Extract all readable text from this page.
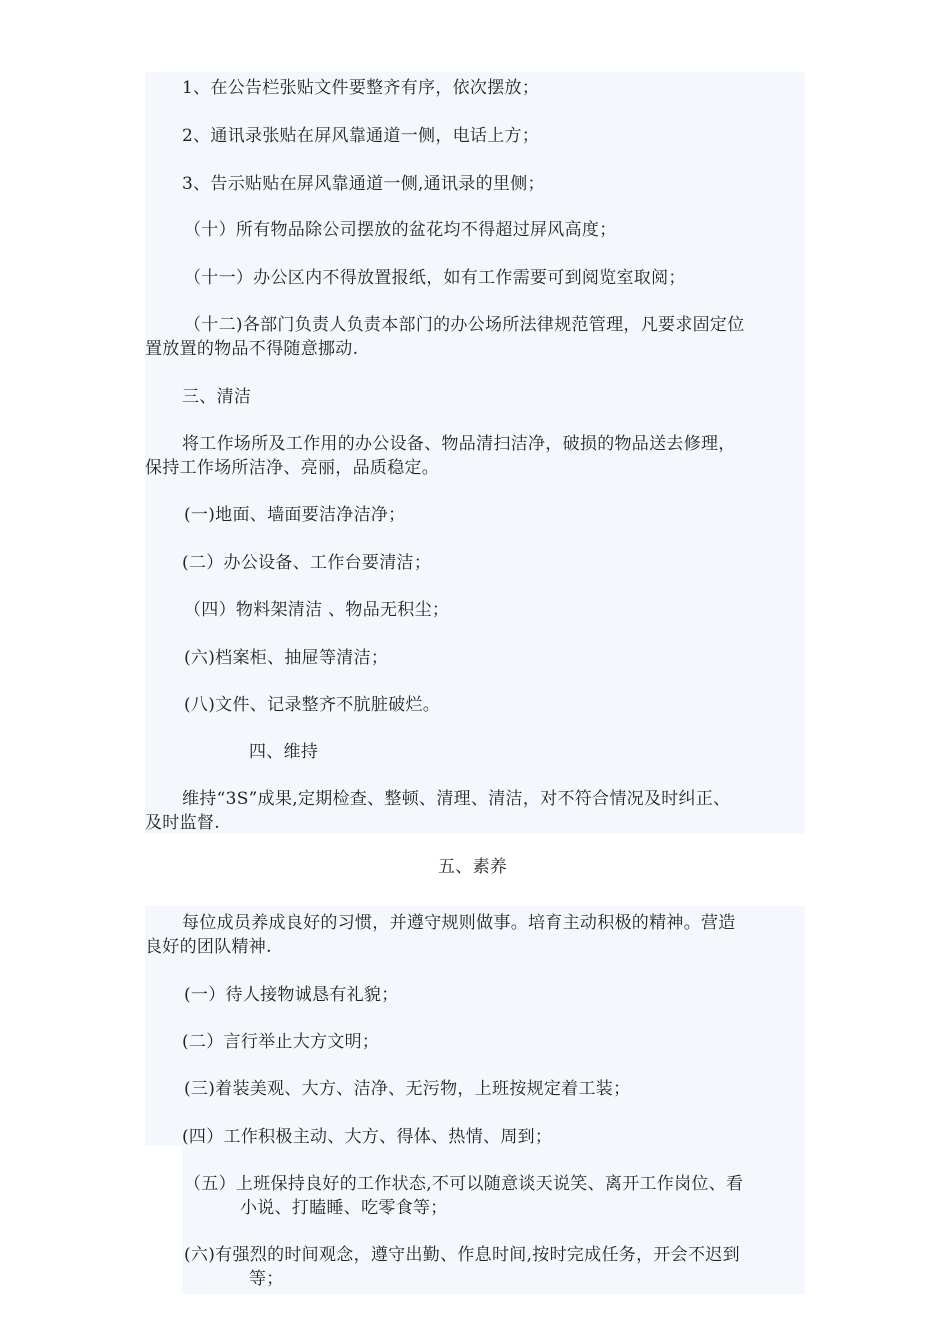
1、在公告栏张贴文件要整齐有序，依次摆放；
2、通讯录张贴在屏风靠通道一侧，电话上方；
3、告示贴贴在屏风靠通道一侧,通讯录的里侧；
（十）所有物品除公司摆放的盆花均不得超过屏风高度；
（十一）办公区内不得放置报纸，如有工作需要可到阅览室取阅；
（十二)各部门负责人负责本部门的办公场所法律规范管理，凡要求固定位
置放置的物品不得随意挪动.
三、清洁
将工作场所及工作用的办公设备、物品清扫洁净，破损的物品送去修理，
保持工作场所洁净、亮丽，品质稳定。
(一)地面、墙面要洁净洁净；
(二）办公设备、工作台要清洁；
（四）物料架清洁 、物品无积尘；
(六)档案柜、抽屉等清洁；
(八)文件、记录整齐不肮脏破烂。
四、维持
维持“3S”成果,定期检查、整顿、清理、清洁，对不符合情况及时纠正、
及时监督.
五、素养
每位成员养成良好的习惯，并遵守规则做事。培育主动积极的精神。营造
良好的团队精神.
(一）待人接物诚恳有礼貌；
(二）言行举止大方文明；
(三)着装美观、大方、洁净、无污物，上班按规定着工装；
(四）工作积极主动、大方、得体、热情、周到；
（五）上班保持良好的工作状态,不可以随意谈天说笑、离开工作岗位、看
小说、打瞌睡、吃零食等；
(六)有强烈的时间观念，遵守出勤、作息时间,按时完成任务，开会不迟到
等；
